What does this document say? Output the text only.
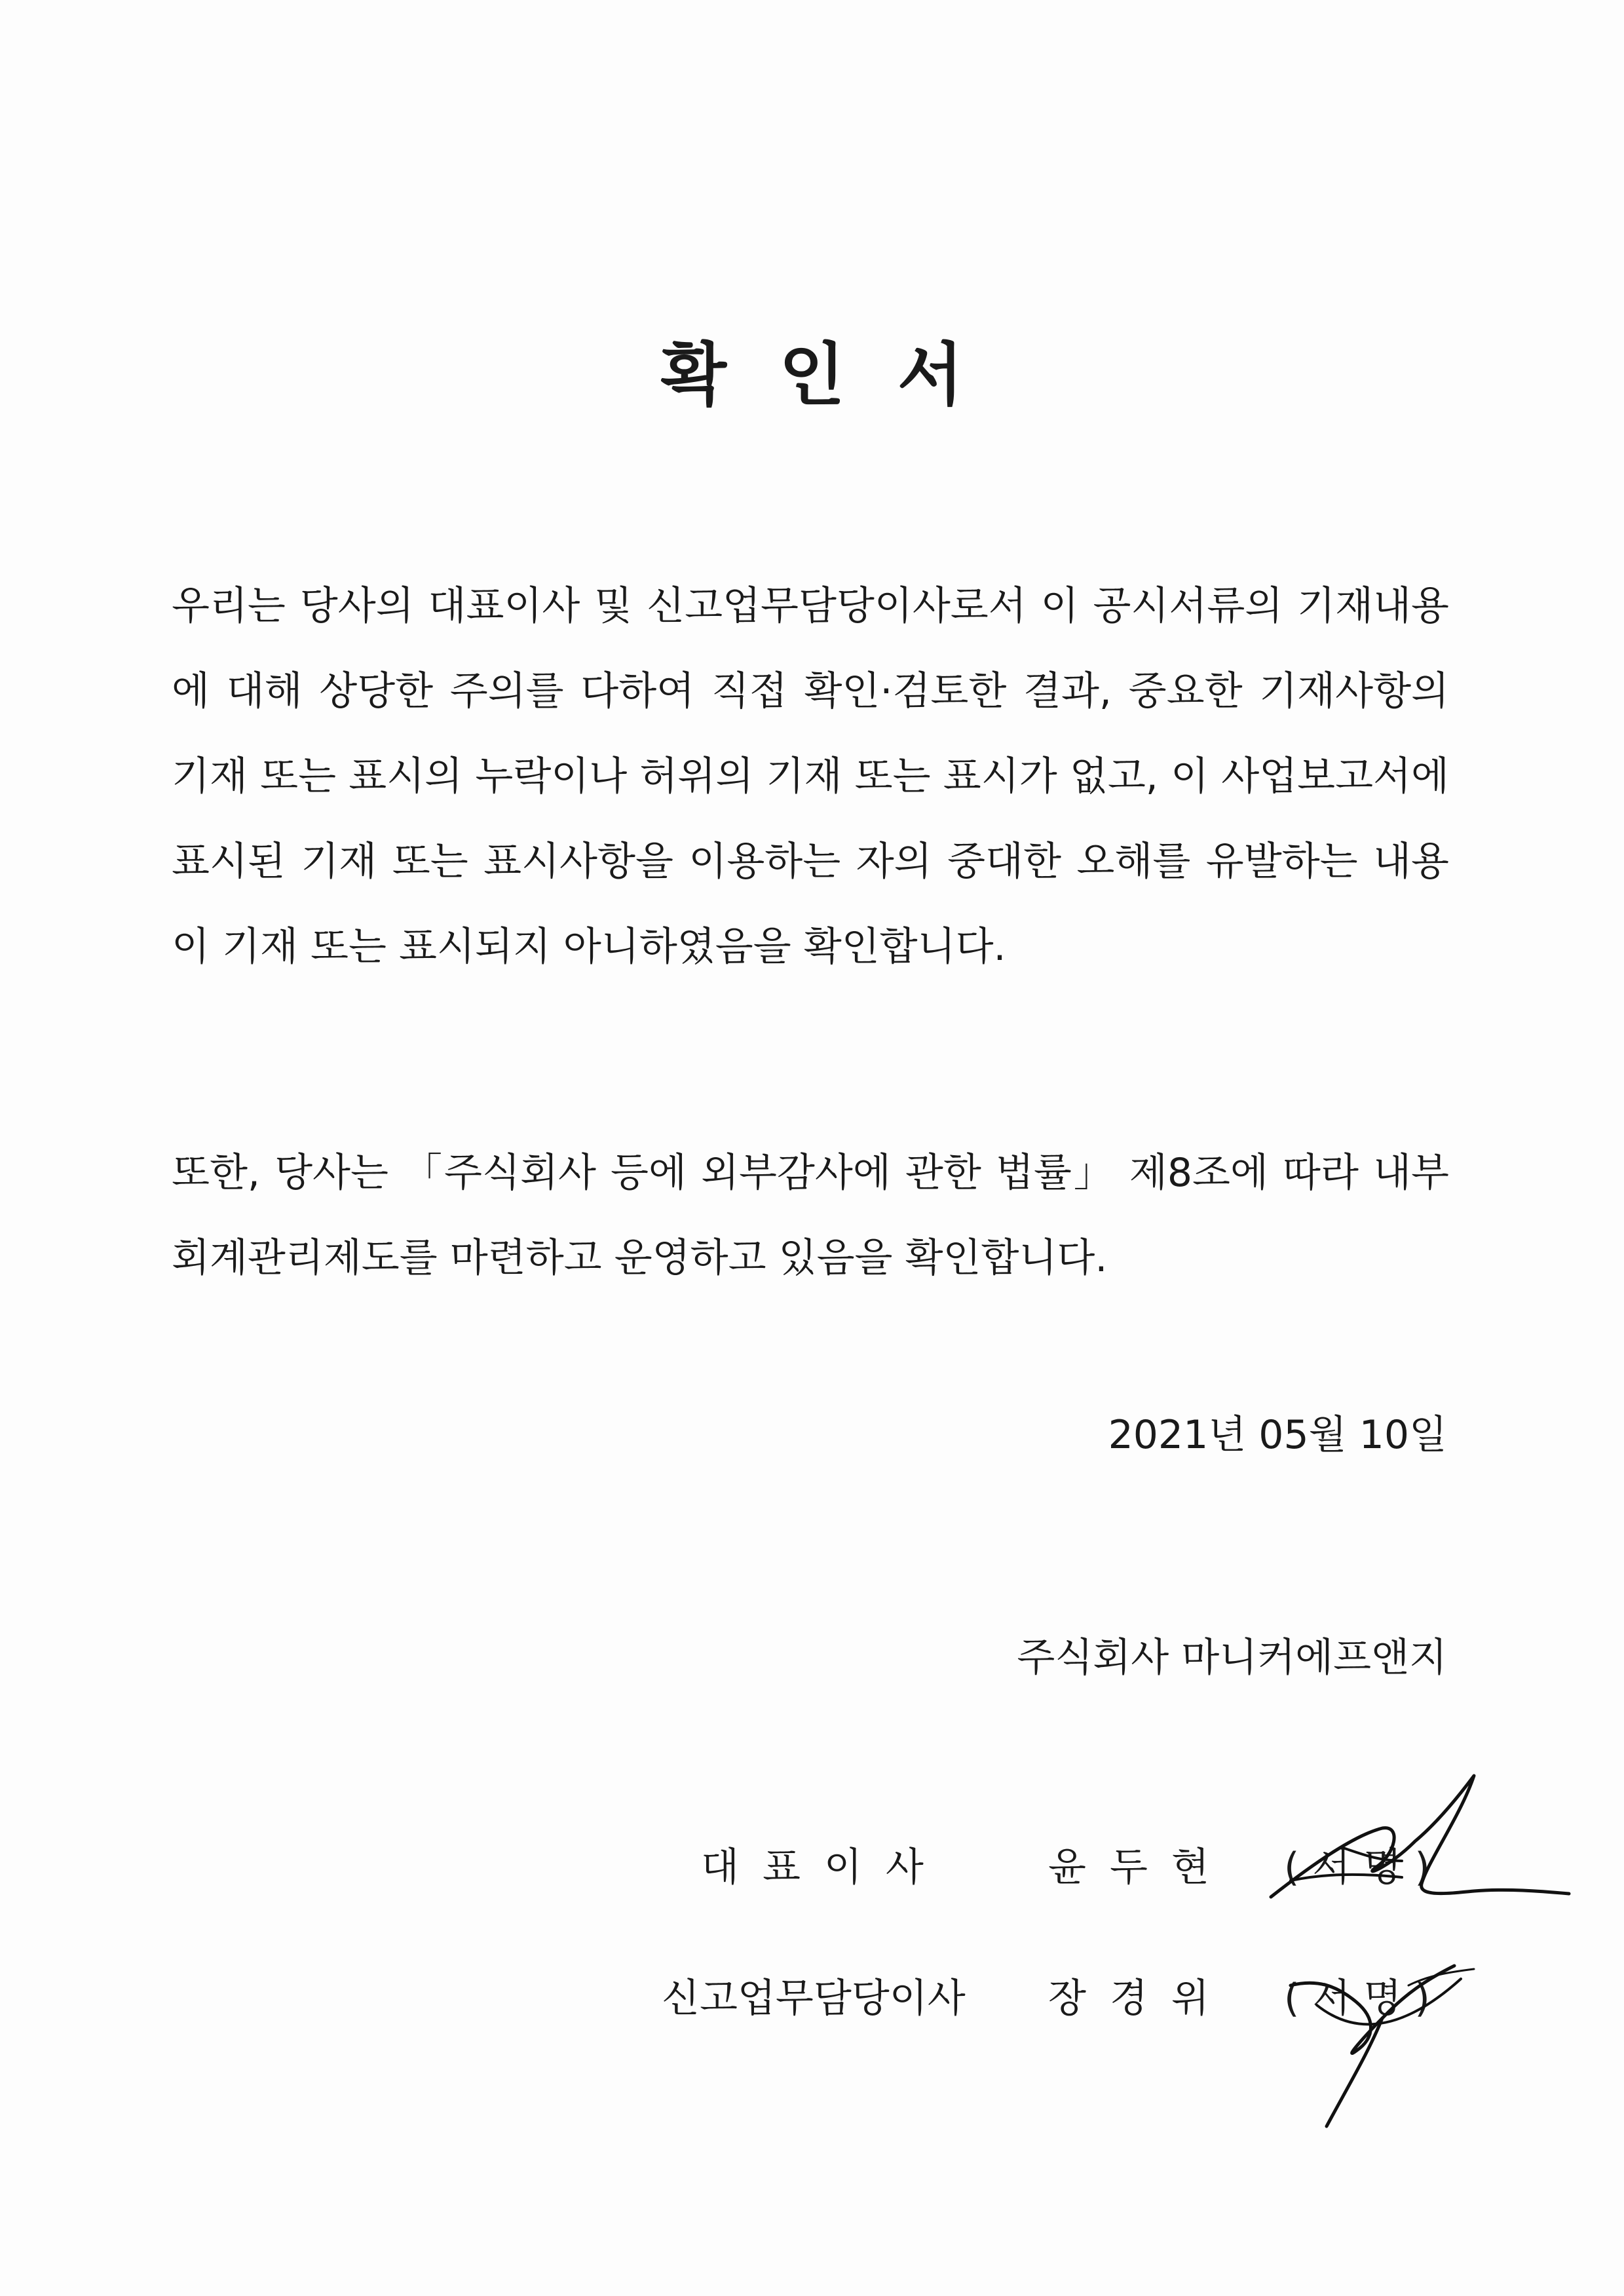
확 인 서

우리는 당사의 대표이사 및 신고업무담당이사로서 이 공시서류의 기재내용에 대해 상당한 주의를 다하여 직접 확인·검토한 결과, 중요한 기재사항의 기재 또는 표시의 누락이나 허위의 기재 또는 표시가 없고, 이 사업보고서에 표시된 기재 또는 표시사항을 이용하는 자의 중대한 오해를 유발하는 내용이 기재 또는 표시되지 아니하였음을 확인합니다.

또한, 당사는 「주식회사 등에 외부감사에 관한 법률」 제8조에 따라 내부회계관리제도를 마련하고 운영하고 있음을 확인합니다.

2021년 05월 10일
주식회사 마니커에프앤지
대표이사	윤두현 (서명)
신고업무담당이사 장경위 (서명)
